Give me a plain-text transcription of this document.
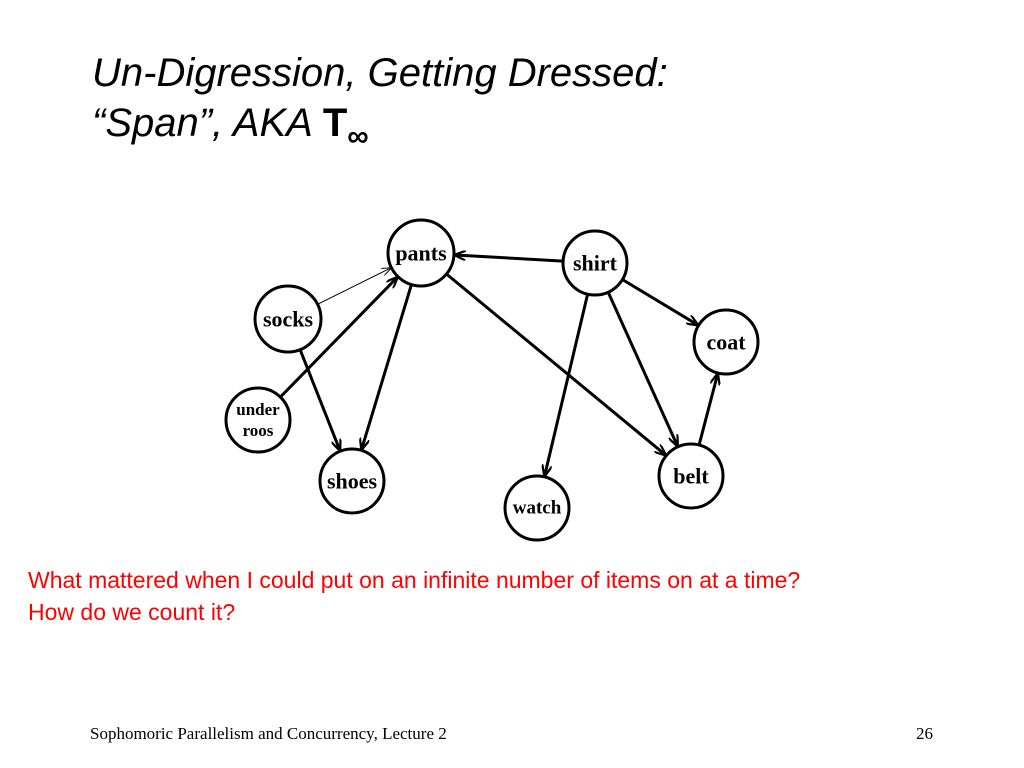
Un-Digression, Getting Dressed:
“Span”, AKA $T_\infty$
pants	shirt
socks
coat
under
roos
shoes	belt
watch
What mattered when I could put on an infinite number of items on at a time?
How do we count it?
Sophomoric Parallelism and Concurrency, Lecture 2	26
